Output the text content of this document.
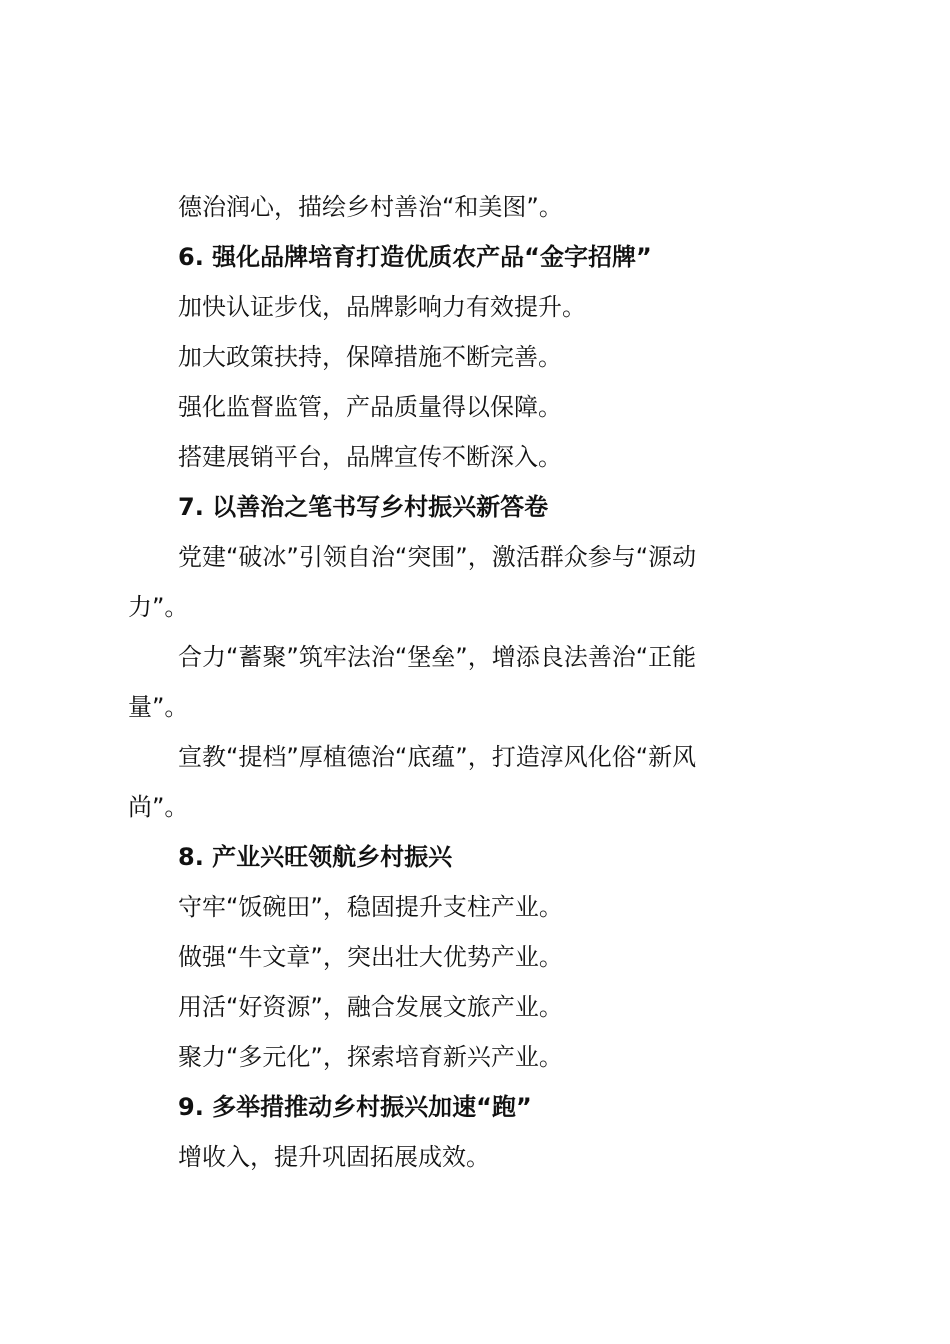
德治润心，描绘乡村善治“和美图”。
6. 强化品牌培育打造优质农产品“金字招牌”
加快认证步伐，品牌影响力有效提升。
加大政策扶持，保障措施不断完善。
强化监督监管，产品质量得以保障。
搭建展销平台，品牌宣传不断深入。
7. 以善治之笔书写乡村振兴新答卷
党建“破冰”引领自治“突围”，激活群众参与“源动
力”。
合力“蓄聚”筑牢法治“堡垒”，增添良法善治“正能
量”。
宣教“提档”厚植德治“底蕴”，打造淳风化俗“新风
尚”。
8. 产业兴旺领航乡村振兴
守牢“饭碗田”，稳固提升支柱产业。
做强“牛文章”，突出壮大优势产业。
用活“好资源”，融合发展文旅产业。
聚力“多元化”，探索培育新兴产业。
9. 多举措推动乡村振兴加速“跑”
增收入，提升巩固拓展成效。
